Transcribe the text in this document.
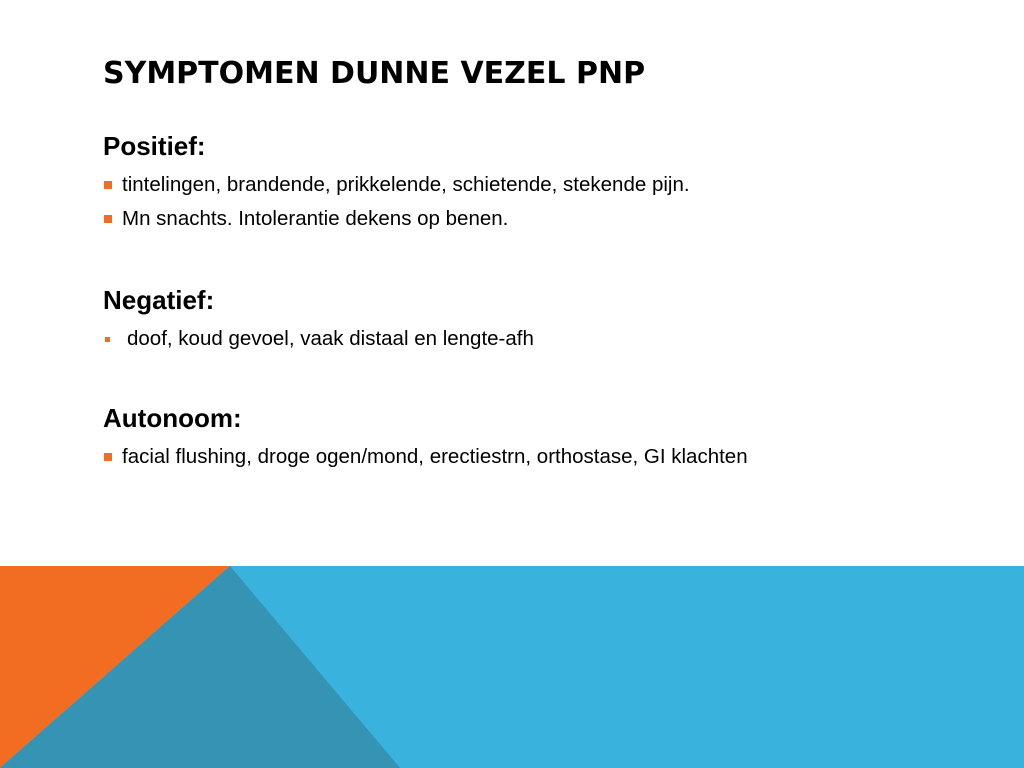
SYMPTOMEN DUNNE VEZEL PNP
Positief:
tintelingen, brandende, prikkelende, schietende, stekende pijn.
Mn snachts. Intolerantie dekens op benen.
Negatief:
doof, koud gevoel, vaak distaal en lengte-afh
Autonoom:
facial flushing, droge ogen/mond, erectiestrn, orthostase, GI klachten
